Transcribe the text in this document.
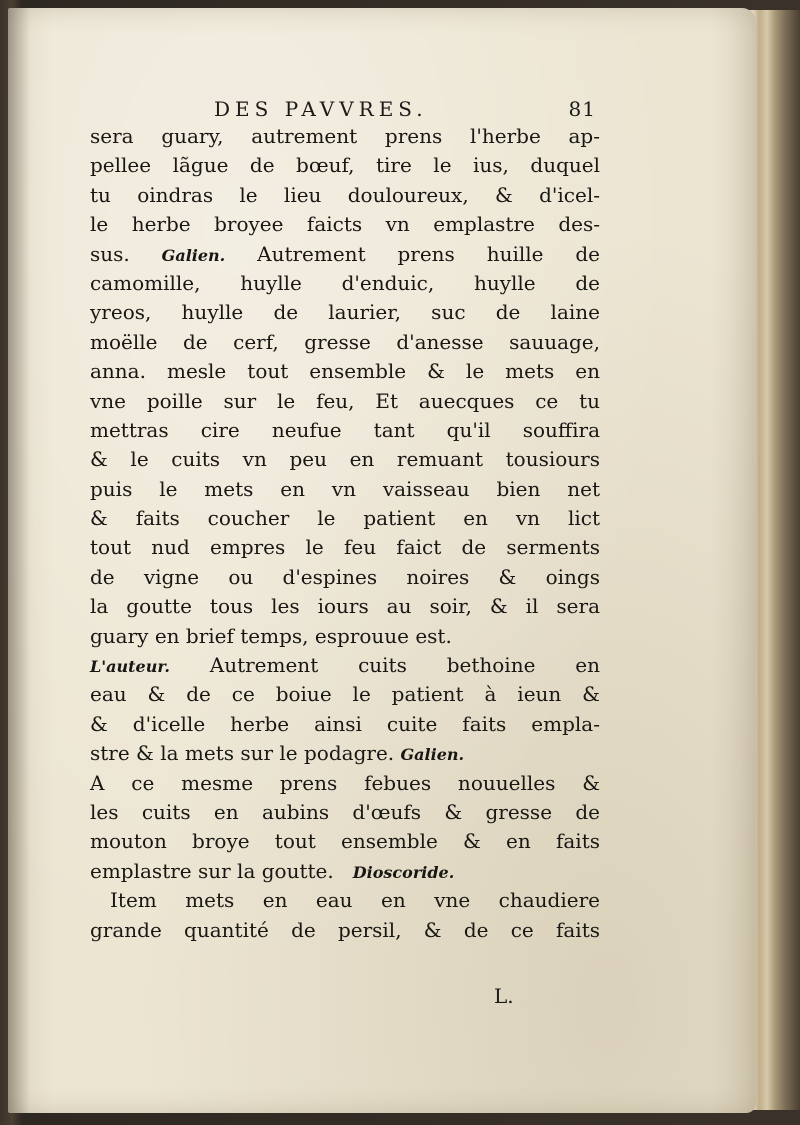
DES PAVVRES.	81
sera guary, autrement prens l'herbe ap-
pellee lãgue de bœuf, tire le ius, duquel
tu oindras le lieu douloureux, & d'icel-
le herbe broyee faicts vn emplastre des-
sus. Galien. Autrement prens huille de
camomille, huylle d'enduic, huylle de
yreos, huylle de laurier, suc de laine
moëlle de cerf, gresse d'anesse sauuage,
anna. mesle tout ensemble & le mets en
vne poille sur le feu, Et auecques ce tu
mettras cire neufue tant qu'il souffira
& le cuits vn peu en remuant tousiours
puis le mets en vn vaisseau bien net
& faits coucher le patient en vn lict
tout nud empres le feu faict de serments
de vigne ou d'espines noires & oings
la goutte tous les iours au soir, & il sera
guary en brief temps, esprouue est.
L'auteur. Autrement cuits bethoine en
eau & de ce boiue le patient à ieun &
& d'icelle herbe ainsi cuite faits empla-
stre & la mets sur le podagre. Galien.
A ce mesme prens febues nouuelles &
les cuits en aubins d'œufs & gresse de
mouton broye tout ensemble & en faits
emplastre sur la goutte. Dioscoride.
Item mets en eau en vne chaudiere
grande quantité de persil, & de ce faits
L.
